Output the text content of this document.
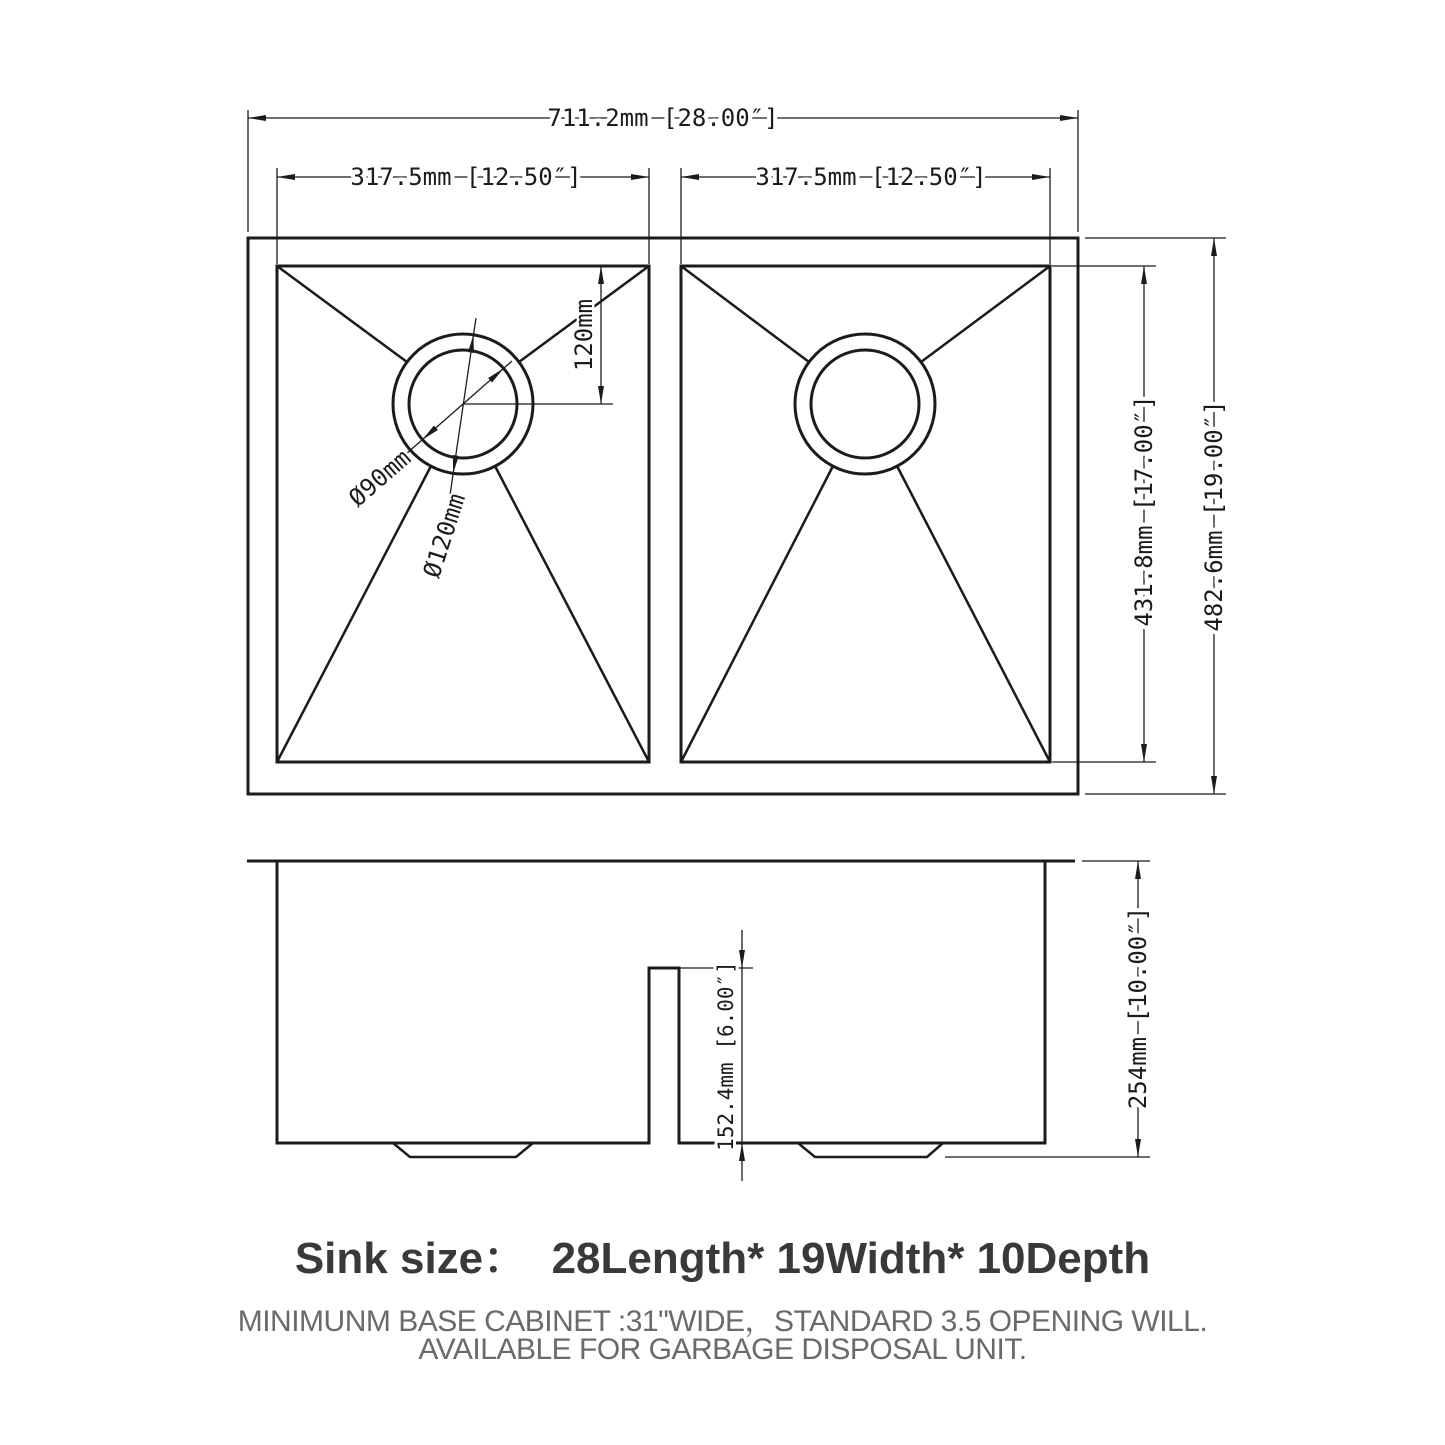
711.2mm [28.00″]
317.5mm [12.50″]	317.5mm [12.50″]
431.8mm [17.00″] 482.6mm [19.00″]
120mm
Ø90mm
Ø120mm
152.4mm [6.00″]	254mm [10.00″]
Sink size：  28Length* 19Width* 10Depth
MINIMUNM BASE CABINET :31"WIDE，STANDARD 3.5 OPENING WILL.
AVAILABLE FOR GARBAGE DISPOSAL UNIT.
